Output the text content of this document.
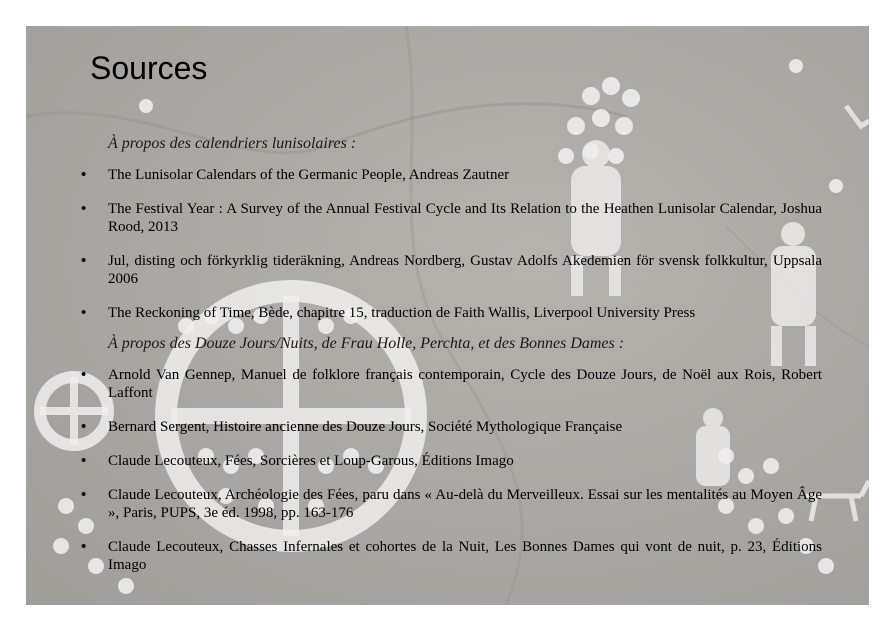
Sources

À propos des calendriers lunisolaires :

• The Lunisolar Calendars of the Germanic People, Andreas Zautner
• The Festival Year : A Survey of the Annual Festival Cycle and Its Relation to the Heathen Lunisolar Calendar, Joshua Rood, 2013
• Jul, disting och förkyrklig tideräkning, Andreas Nordberg, Gustav Adolfs Akedemien för svensk folkkultur, Uppsala 2006
• The Reckoning of Time, Bède, chapitre 15, traduction de Faith Wallis, Liverpool University Press

À propos des Douze Jours/Nuits, de Frau Holle, Perchta, et des Bonnes Dames :

• Arnold Van Gennep, Manuel de folklore français contemporain, Cycle des Douze Jours, de Noël aux Rois, Robert Laffont
• Bernard Sergent, Histoire ancienne des Douze Jours, Société Mythologique Française
• Claude Lecouteux, Fées, Sorcières et Loup-Garous, Éditions Imago
• Claude Lecouteux, Archéologie des Fées, paru dans « Au-delà du Merveilleux. Essai sur les mentalités au Moyen Âge », Paris, PUPS, 3e éd. 1998, pp. 163-176
• Claude Lecouteux, Chasses Infernales et cohortes de la Nuit, Les Bonnes Dames qui vont de nuit, p. 23, Éditions Imago
